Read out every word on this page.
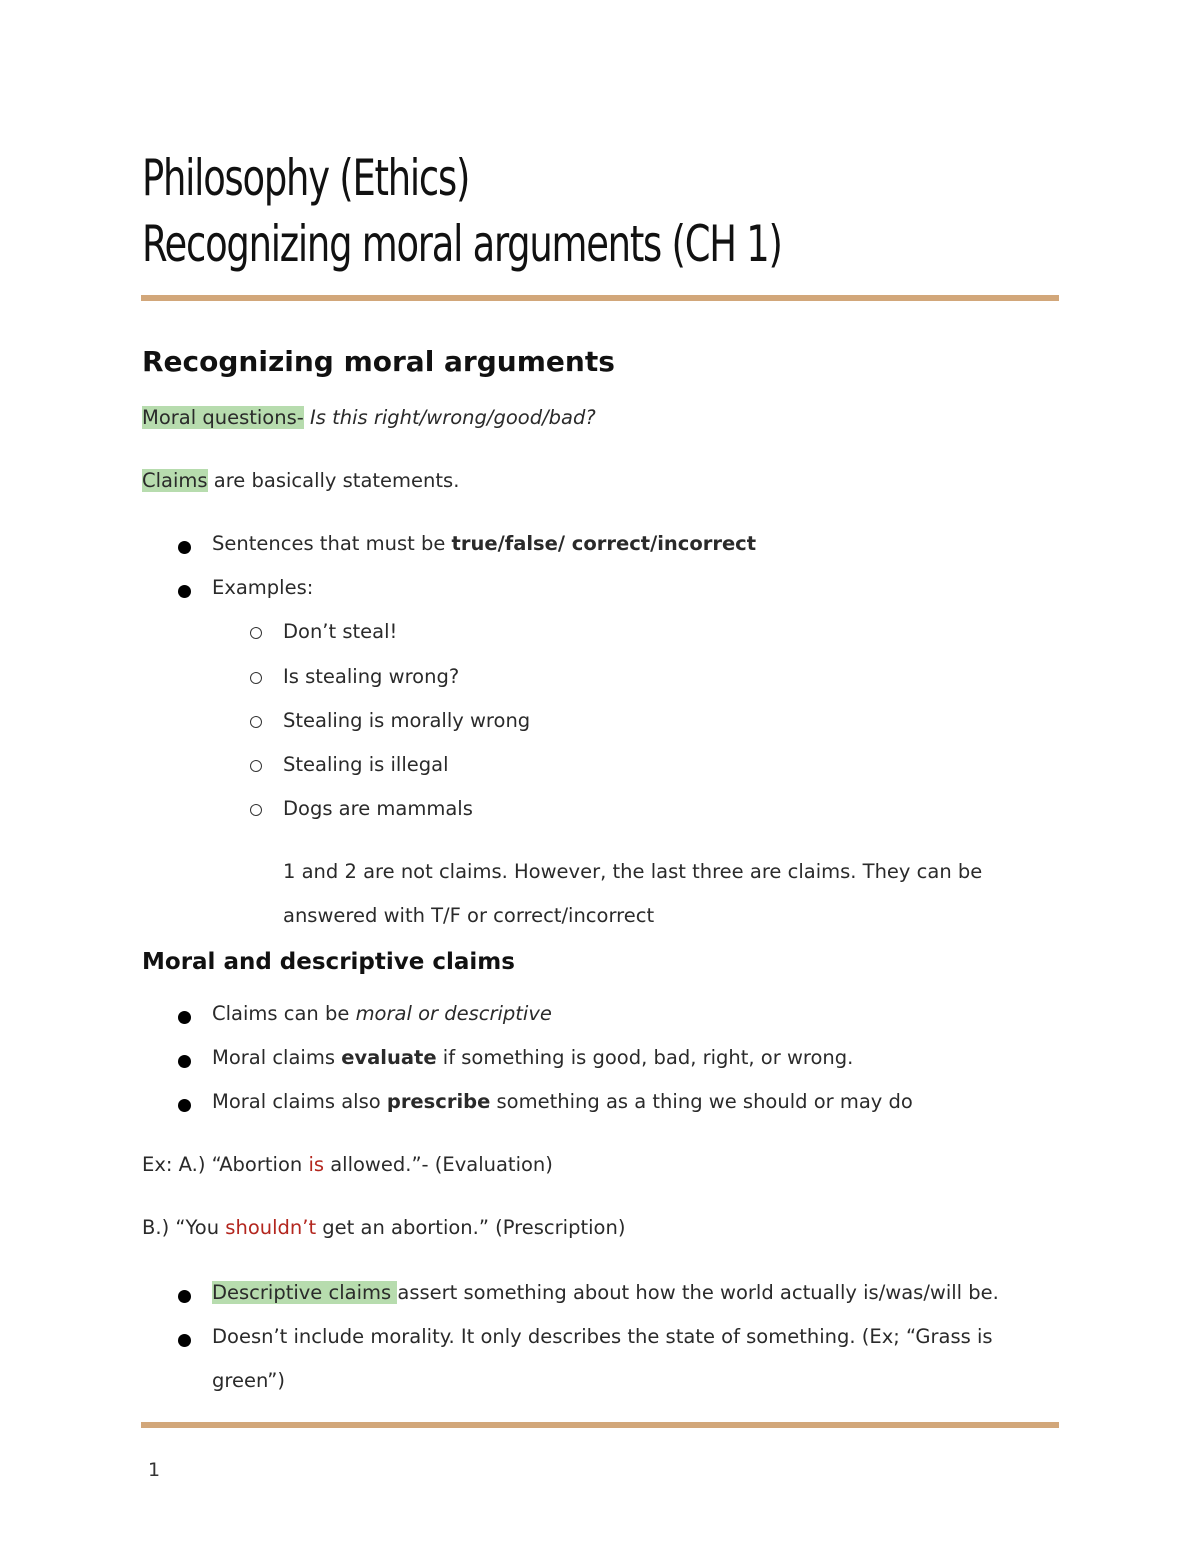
Philosophy (Ethics)
Recognizing moral arguments (CH 1)
Recognizing moral arguments
Moral questions- Is this right/wrong/good/bad?
Claims are basically statements.
Sentences that must be true/false/ correct/incorrect
Examples:
Don’t steal!
Is stealing wrong?
Stealing is morally wrong
Stealing is illegal
Dogs are mammals
1 and 2 are not claims. However, the last three are claims. They can be
answered with T/F or correct/incorrect
Moral and descriptive claims
Claims can be moral or descriptive
Moral claims evaluate if something is good, bad, right, or wrong.
Moral claims also prescribe something as a thing we should or may do
Ex: A.) “Abortion is allowed.”- (Evaluation)
B.) “You shouldn’t get an abortion.” (Prescription)
Descriptive claims assert something about how the world actually is/was/will be.
Doesn’t include morality. It only describes the state of something. (Ex; “Grass is
green”)
1
